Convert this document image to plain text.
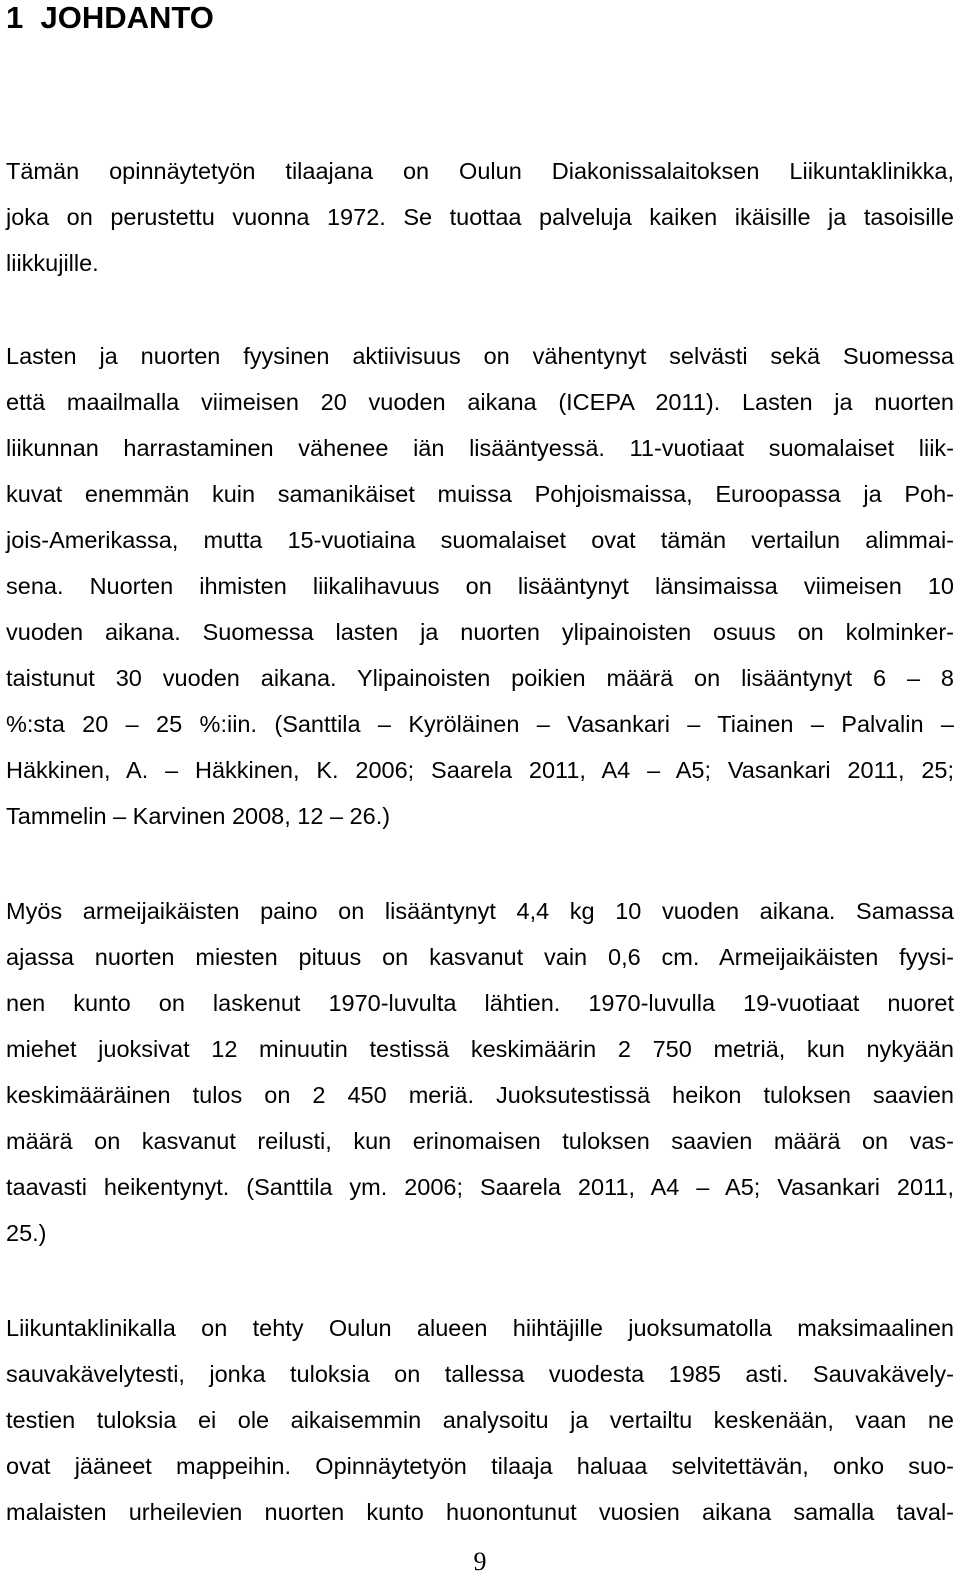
1  JOHDANTO
Tämän opinnäytetyön tilaajana on Oulun Diakonissalaitoksen Liikuntaklinikka,
joka on perustettu vuonna 1972. Se tuottaa palveluja kaiken ikäisille ja tasoisille
liikkujille.
Lasten ja nuorten fyysinen aktiivisuus on vähentynyt selvästi sekä Suomessa
että maailmalla viimeisen 20 vuoden aikana (ICEPA 2011). Lasten ja nuorten
liikunnan harrastaminen vähenee iän lisääntyessä. 11-vuotiaat suomalaiset liik-
kuvat enemmän kuin samanikäiset muissa Pohjoismaissa, Euroopassa ja Poh-
jois-Amerikassa, mutta 15-vuotiaina suomalaiset ovat tämän vertailun alimmai-
sena. Nuorten ihmisten liikalihavuus on lisääntynyt länsimaissa viimeisen 10
vuoden aikana. Suomessa lasten ja nuorten ylipainoisten osuus on kolminker-
taistunut 30 vuoden aikana. Ylipainoisten poikien määrä on lisääntynyt 6 – 8
%:sta 20 – 25 %:iin. (Santtila – Kyröläinen – Vasankari – Tiainen – Palvalin –
Häkkinen, A. – Häkkinen, K. 2006; Saarela 2011, A4 – A5; Vasankari 2011, 25;
Tammelin – Karvinen 2008, 12 – 26.)
Myös armeijaikäisten paino on lisääntynyt 4,4 kg 10 vuoden aikana. Samassa
ajassa nuorten miesten pituus on kasvanut vain 0,6 cm. Armeijaikäisten fyysi-
nen kunto on laskenut 1970-luvulta lähtien. 1970-luvulla 19-vuotiaat nuoret
miehet juoksivat 12 minuutin testissä keskimäärin 2 750 metriä, kun nykyään
keskimääräinen tulos on 2 450 meriä. Juoksutestissä heikon tuloksen saavien
määrä on kasvanut reilusti, kun erinomaisen tuloksen saavien määrä on vas-
taavasti heikentynyt. (Santtila ym. 2006; Saarela 2011, A4 – A5; Vasankari 2011,
25.)
Liikuntaklinikalla on tehty Oulun alueen hiihtäjille juoksumatolla maksimaalinen
sauvakävelytesti, jonka tuloksia on tallessa vuodesta 1985 asti. Sauvakävely-
testien tuloksia ei ole aikaisemmin analysoitu ja vertailtu keskenään, vaan ne
ovat jääneet mappeihin. Opinnäytetyön tilaaja haluaa selvitettävän, onko suo-
malaisten urheilevien nuorten kunto huonontunut vuosien aikana samalla taval-
9
